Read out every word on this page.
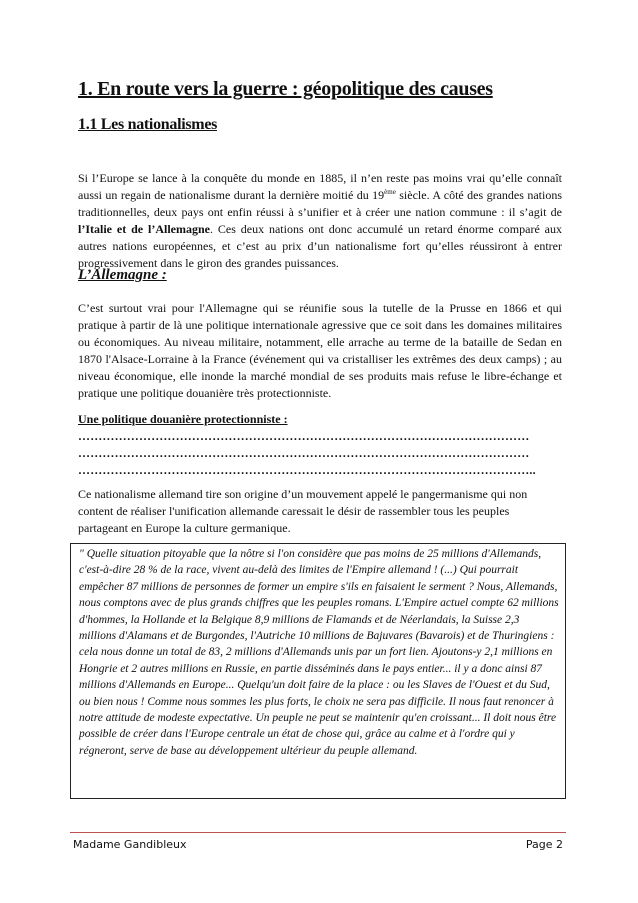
1. En route vers la guerre : géopolitique des causes
1.1 Les nationalismes

Si l’Europe se lance à la conquête du monde en 1885, il n’en reste pas moins vrai qu’elle connaît aussi un regain de nationalisme durant la dernière moitié du 19ème siècle. A côté des grandes nations traditionnelles, deux pays ont enfin réussi à s’unifier et à créer une nation commune : il s’agit de l’Italie et de l’Allemagne. Ces deux nations ont donc accumulé un retard énorme comparé aux autres nations européennes, et c’est au prix d’un nationalisme fort qu’elles réussiront à entrer progressivement dans le giron des grandes puissances.

L’Allemagne :

C’est surtout vrai pour l'Allemagne qui se réunifie sous la tutelle de la Prusse en 1866 et qui pratique à partir de là une politique internationale agressive que ce soit dans les domaines militaires ou économiques. Au niveau militaire, notamment, elle arrache au terme de la bataille de Sedan en 1870 l'Alsace-Lorraine à la France (événement qui va cristalliser les extrêmes des deux camps) ; au niveau économique, elle inonde la marché mondial de ses produits mais refuse le libre-échange et pratique une politique douanière très protectionniste.

Une politique douanière protectionniste :
…………………………………………………………………………………………………
…………………………………………………………………………………………………
…………………………………………………………………………………………………..

Ce nationalisme allemand tire son origine d’un mouvement appelé le pangermanisme qui non content de réaliser l'unification allemande caressait le désir de rassembler tous les peuples partageant en Europe la culture germanique.

" Quelle situation pitoyable que la nôtre si l'on considère que pas moins de 25 millions d'Allemands, c'est-à-dire 28 % de la race, vivent au-delà des limites de l'Empire allemand ! (...) Qui pourrait empêcher 87 millions de personnes de former un empire s'ils en faisaient le serment ? Nous, Allemands, nous comptons avec de plus grands chiffres que les peuples romans. L'Empire actuel compte 62 millions d'hommes, la Hollande et la Belgique 8,9 millions de Flamands et de Néerlandais, la Suisse 2,3 millions d'Alamans et de Burgondes, l'Autriche 10 millions de Bajuvares (Bavarois) et de Thuringiens : cela nous donne un total de 83, 2 millions d'Allemands unis par un fort lien. Ajoutons-y 2,1 millions en Hongrie et 2 autres millions en Russie, en partie disséminés dans le pays entier... il y a donc ainsi 87 millions d'Allemands en Europe... Quelqu'un doit faire de la place : ou les Slaves de l'Ouest et du Sud, ou bien nous ! Comme nous sommes les plus forts, le choix ne sera pas difficile. Il nous faut renoncer à notre attitude de modeste expectative. Un peuple ne peut se maintenir qu'en croissant... Il doit nous être possible de créer dans l'Europe centrale un état de chose qui, grâce au calme et à l'ordre qui y régneront, serve de base au développement ultérieur du peuple allemand.

Madame Gandibleux	Page 2
